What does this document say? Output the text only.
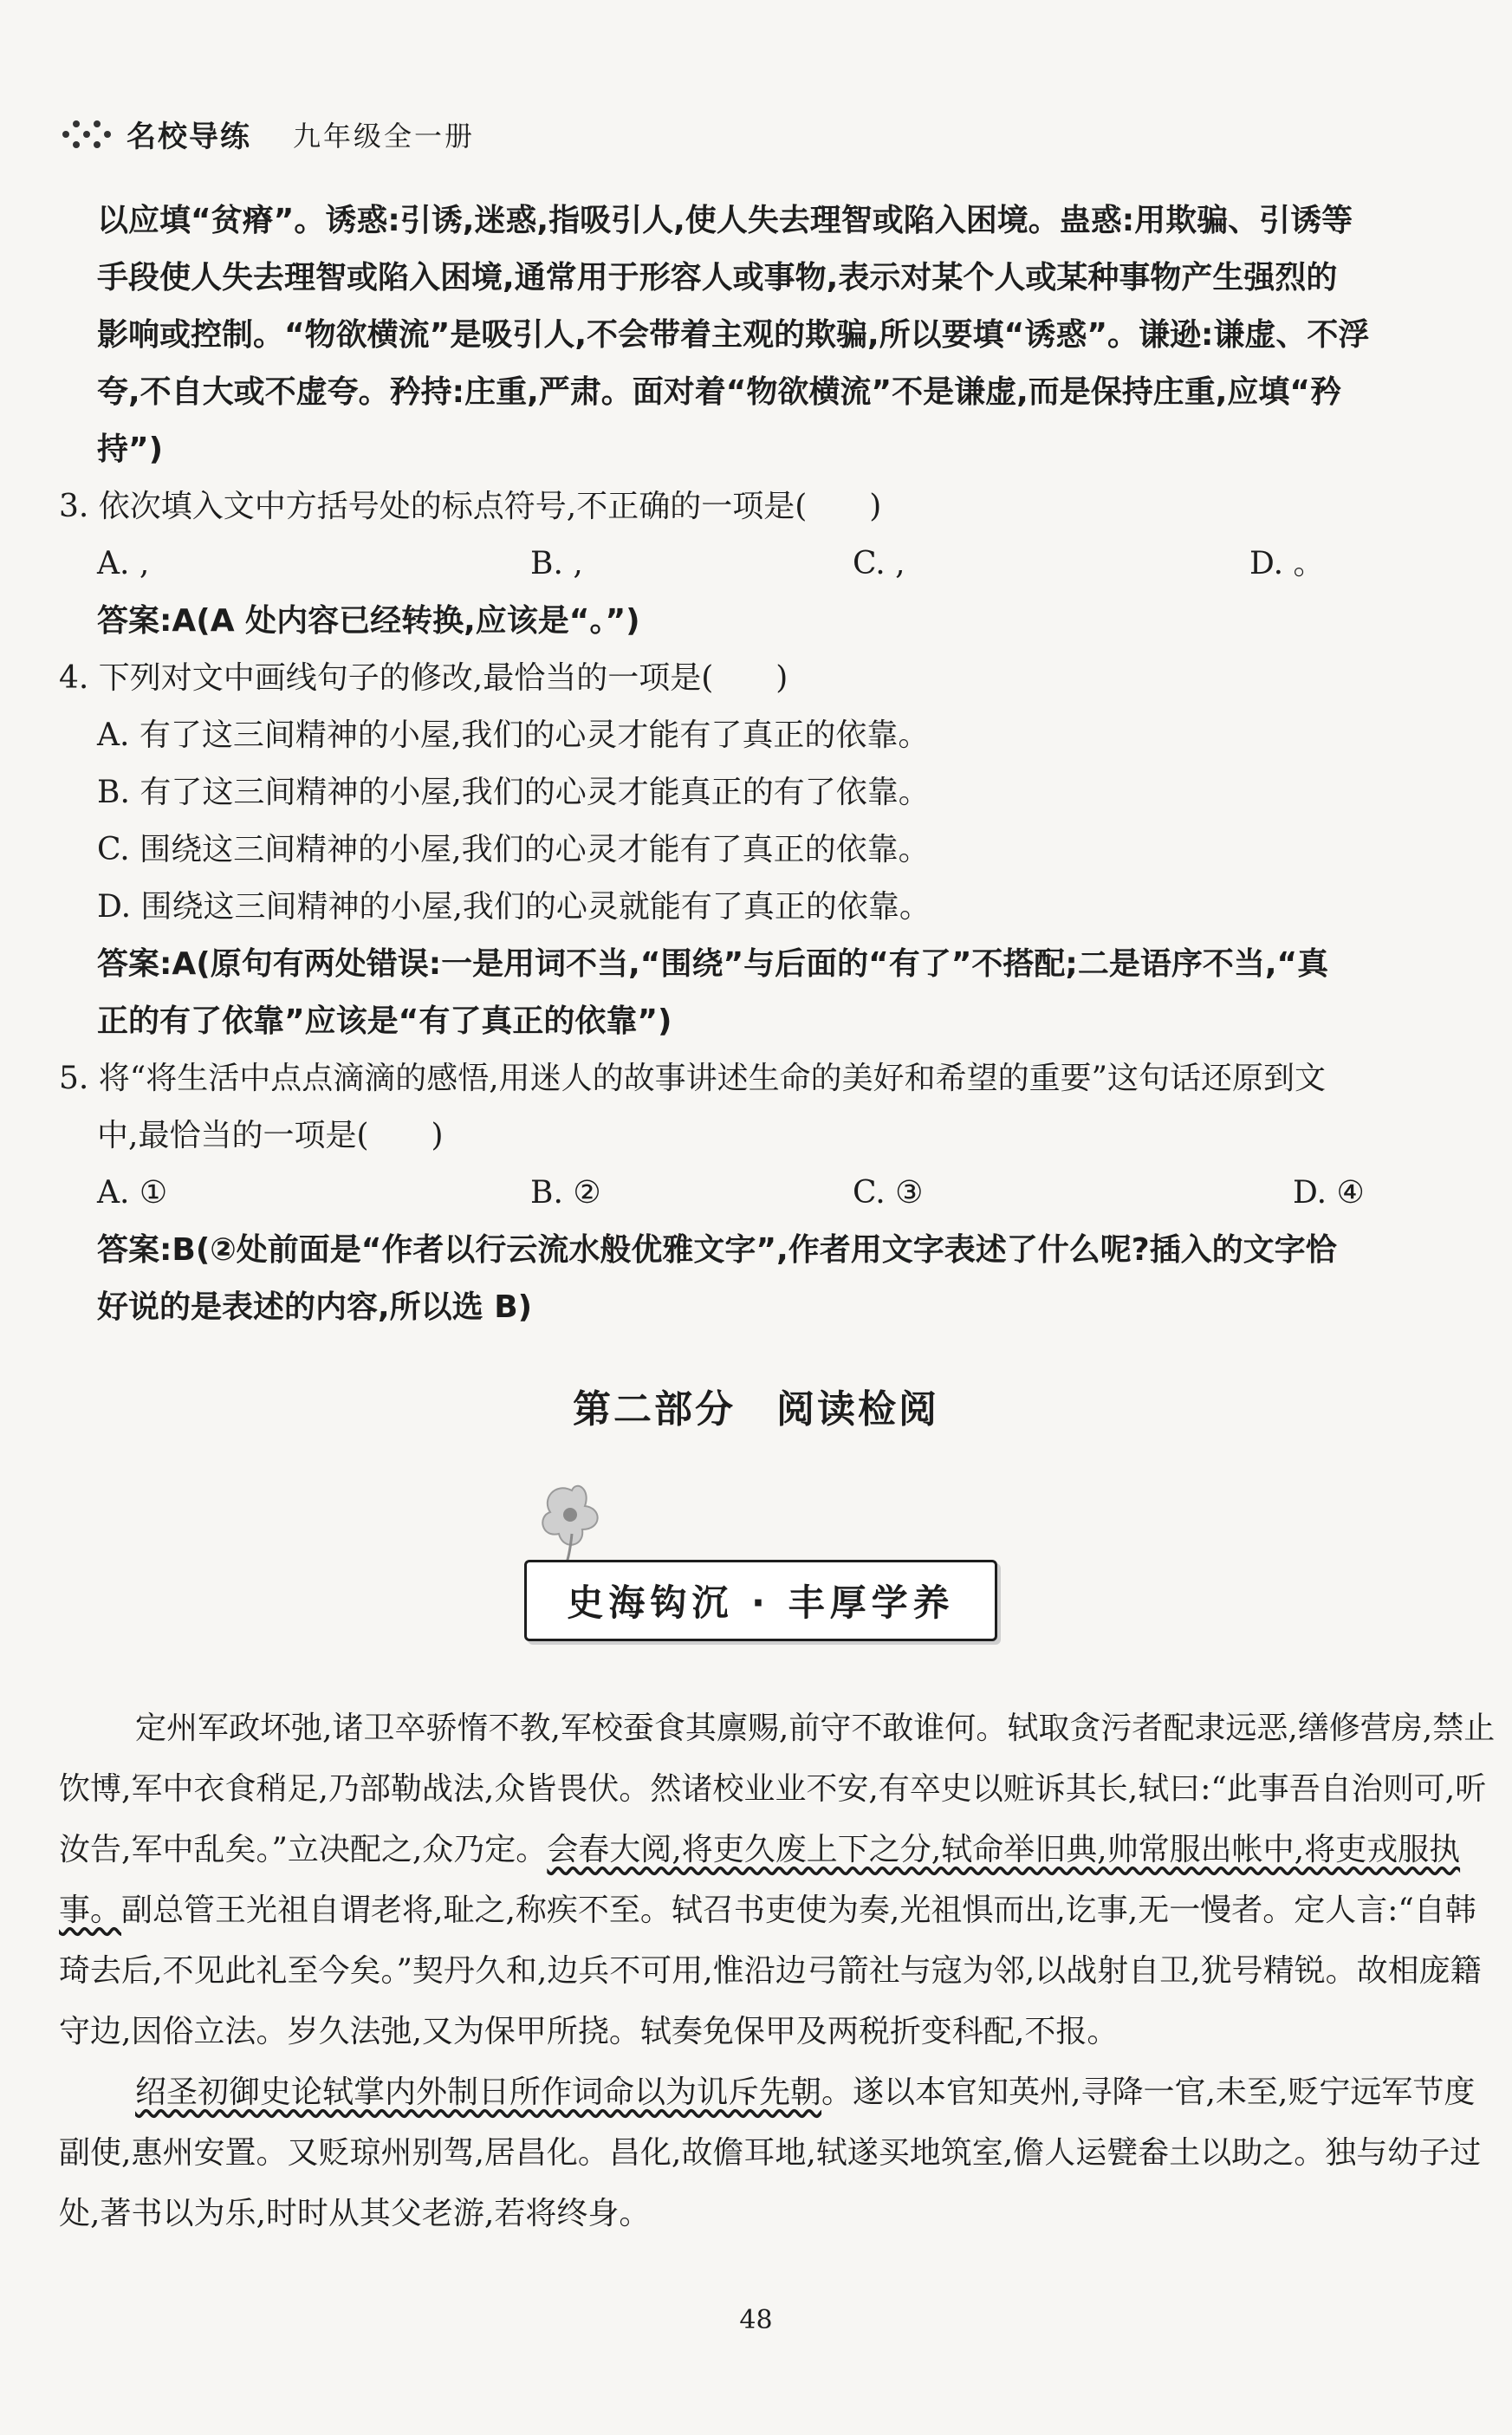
名校导练 九年级全一册
以应填“贫瘠”。诱惑:引诱,迷惑,指吸引人,使人失去理智或陷入困境。蛊惑:用欺骗、引诱等
手段使人失去理智或陷入困境,通常用于形容人或事物,表示对某个人或某种事物产生强烈的
影响或控制。“物欲横流”是吸引人,不会带着主观的欺骗,所以要填“诱惑”。谦逊:谦虚、不浮
夸,不自大或不虚夸。矜持:庄重,严肃。面对着“物欲横流”不是谦虚,而是保持庄重,应填“矜
持”)
3. 依次填入文中方括号处的标点符号,不正确的一项是(　　)
A. ,	B. ,	C. ,	D. 。
答案:A(A 处内容已经转换,应该是“。”)
4. 下列对文中画线句子的修改,最恰当的一项是(　　)
A. 有了这三间精神的小屋,我们的心灵才能有了真正的依靠。
B. 有了这三间精神的小屋,我们的心灵才能真正的有了依靠。
C. 围绕这三间精神的小屋,我们的心灵才能有了真正的依靠。
D. 围绕这三间精神的小屋,我们的心灵就能有了真正的依靠。
答案:A(原句有两处错误:一是用词不当,“围绕”与后面的“有了”不搭配;二是语序不当,“真
正的有了依靠”应该是“有了真正的依靠”)
5. 将“将生活中点点滴滴的感悟,用迷人的故事讲述生命的美好和希望的重要”这句话还原到文
中,最恰当的一项是(　　)
A. ①	B. ②	C. ③	D. ④
答案:B(②处前面是“作者以行云流水般优雅文字”,作者用文字表述了什么呢?插入的文字恰
好说的是表述的内容,所以选 B)
第二部分　阅读检阅
史海钩沉 · 丰厚学养
定州军政坏弛,诸卫卒骄惰不教,军校蚕食其廪赐,前守不敢谁何。轼取贪污者配隶远恶,缮修营房,禁止饮博,军中衣食稍足,乃部勒战法,众皆畏伏。然诸校业业不安,有卒史以赃诉其长,轼曰:“此事吾自治则可,听汝告,军中乱矣。”立决配之,众乃定。会春大阅,将吏久废上下之分,轼命举旧典,帅常服出帐中,将吏戎服执事。副总管王光祖自谓老将,耻之,称疾不至。轼召书吏使为奏,光祖惧而出,讫事,无一慢者。定人言:“自韩琦去后,不见此礼至今矣。”契丹久和,边兵不可用,惟沿边弓箭社与寇为邻,以战射自卫,犹号精锐。故相庞籍守边,因俗立法。岁久法弛,又为保甲所挠。轼奏免保甲及两税折变科配,不报。
绍圣初御史论轼掌内外制日所作词命以为讥斥先朝。遂以本官知英州,寻降一官,未至,贬宁远军节度副使,惠州安置。又贬琼州别驾,居昌化。昌化,故儋耳地,轼遂买地筑室,儋人运甓畚土以助之。独与幼子过处,著书以为乐,时时从其父老游,若将终身。
48
